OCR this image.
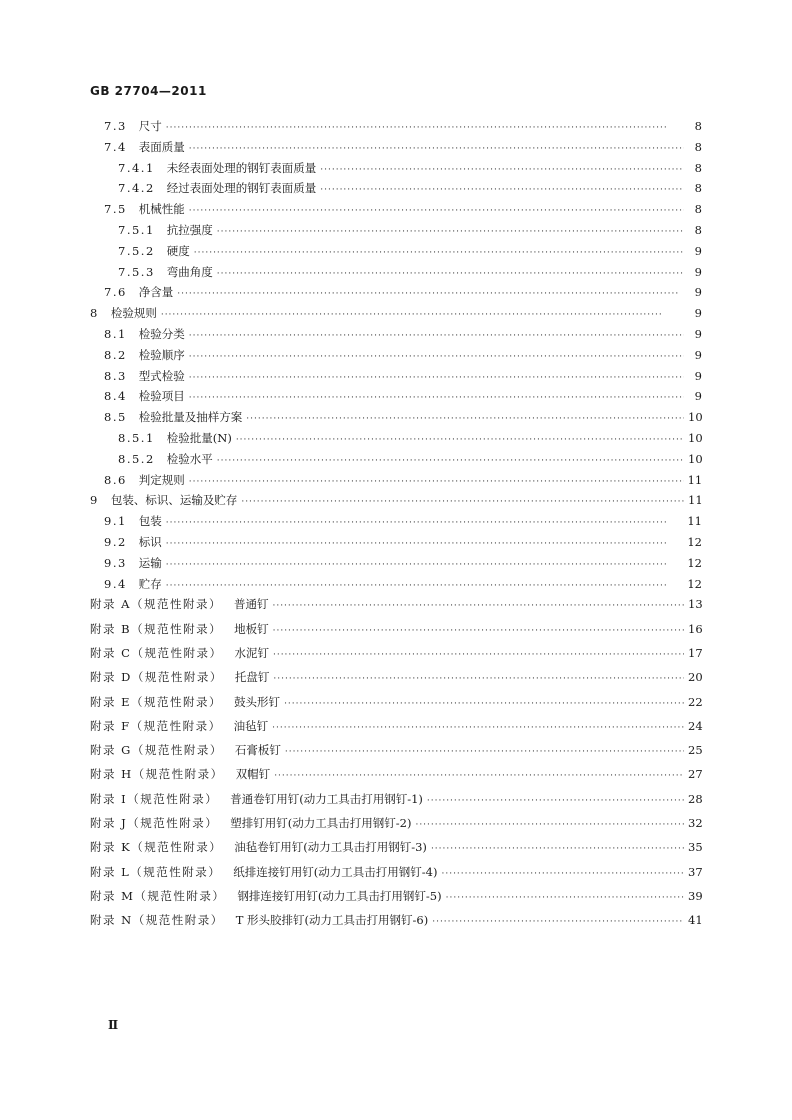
GB 27704—2011
7.3 尺寸 ·····	8
7.4 表面质量 ·····	8
7.4.1 未经表面处理的钢钉表面质量 ·····	8
7.4.2 经过表面处理的钢钉表面质量 ·····	8
7.5 机械性能 ·····	8
7.5.1 抗拉强度 ·····	8
7.5.2 硬度 ·····	9
7.5.3 弯曲角度 ·····	9
7.6 净含量 ·····	9
8 检验规则 ·····	9
8.1 检验分类 ·····	9
8.2 检验顺序 ·····	9
8.3 型式检验 ·····	9
8.4 检验项目 ·····	9
8.5 检验批量及抽样方案 ·····	10
8.5.1 检验批量(N) ·····	10
8.5.2 检验水平 ·····	10
8.6 判定规则 ·····	11
9 包装、标识、运输及贮存 ·····	11
9.1 包装 ·····	11
9.2 标识 ·····	12
9.3 运输 ·····	12
9.4 贮存 ·····	12
附录 A（规范性附录） 普通钉 ·····	13
附录 B（规范性附录） 地板钉 ·····	16
附录 C（规范性附录） 水泥钉 ·····	17
附录 D（规范性附录） 托盘钉 ·····	20
附录 E（规范性附录） 鼓头形钉 ·····	22
附录 F（规范性附录） 油毡钉 ·····	24
附录 G（规范性附录） 石膏板钉 ·····	25
附录 H（规范性附录） 双帽钉 ·····	27
附录 I（规范性附录） 普通卷钉用钉(动力工具击打用钢钉-1) ·····	28
附录 J（规范性附录） 塑排钉用钉(动力工具击打用钢钉-2) ·····	32
附录 K（规范性附录） 油毡卷钉用钉(动力工具击打用钢钉-3) ·····	35
附录 L（规范性附录） 纸排连接钉用钉(动力工具击打用钢钉-4) ·····	37
附录 M（规范性附录） 钢排连接钉用钉(动力工具击打用钢钉-5) ·····	39
附录 N（规范性附录） T 形头胶排钉(动力工具击打用钢钉-6) ·····	41
Ⅱ
